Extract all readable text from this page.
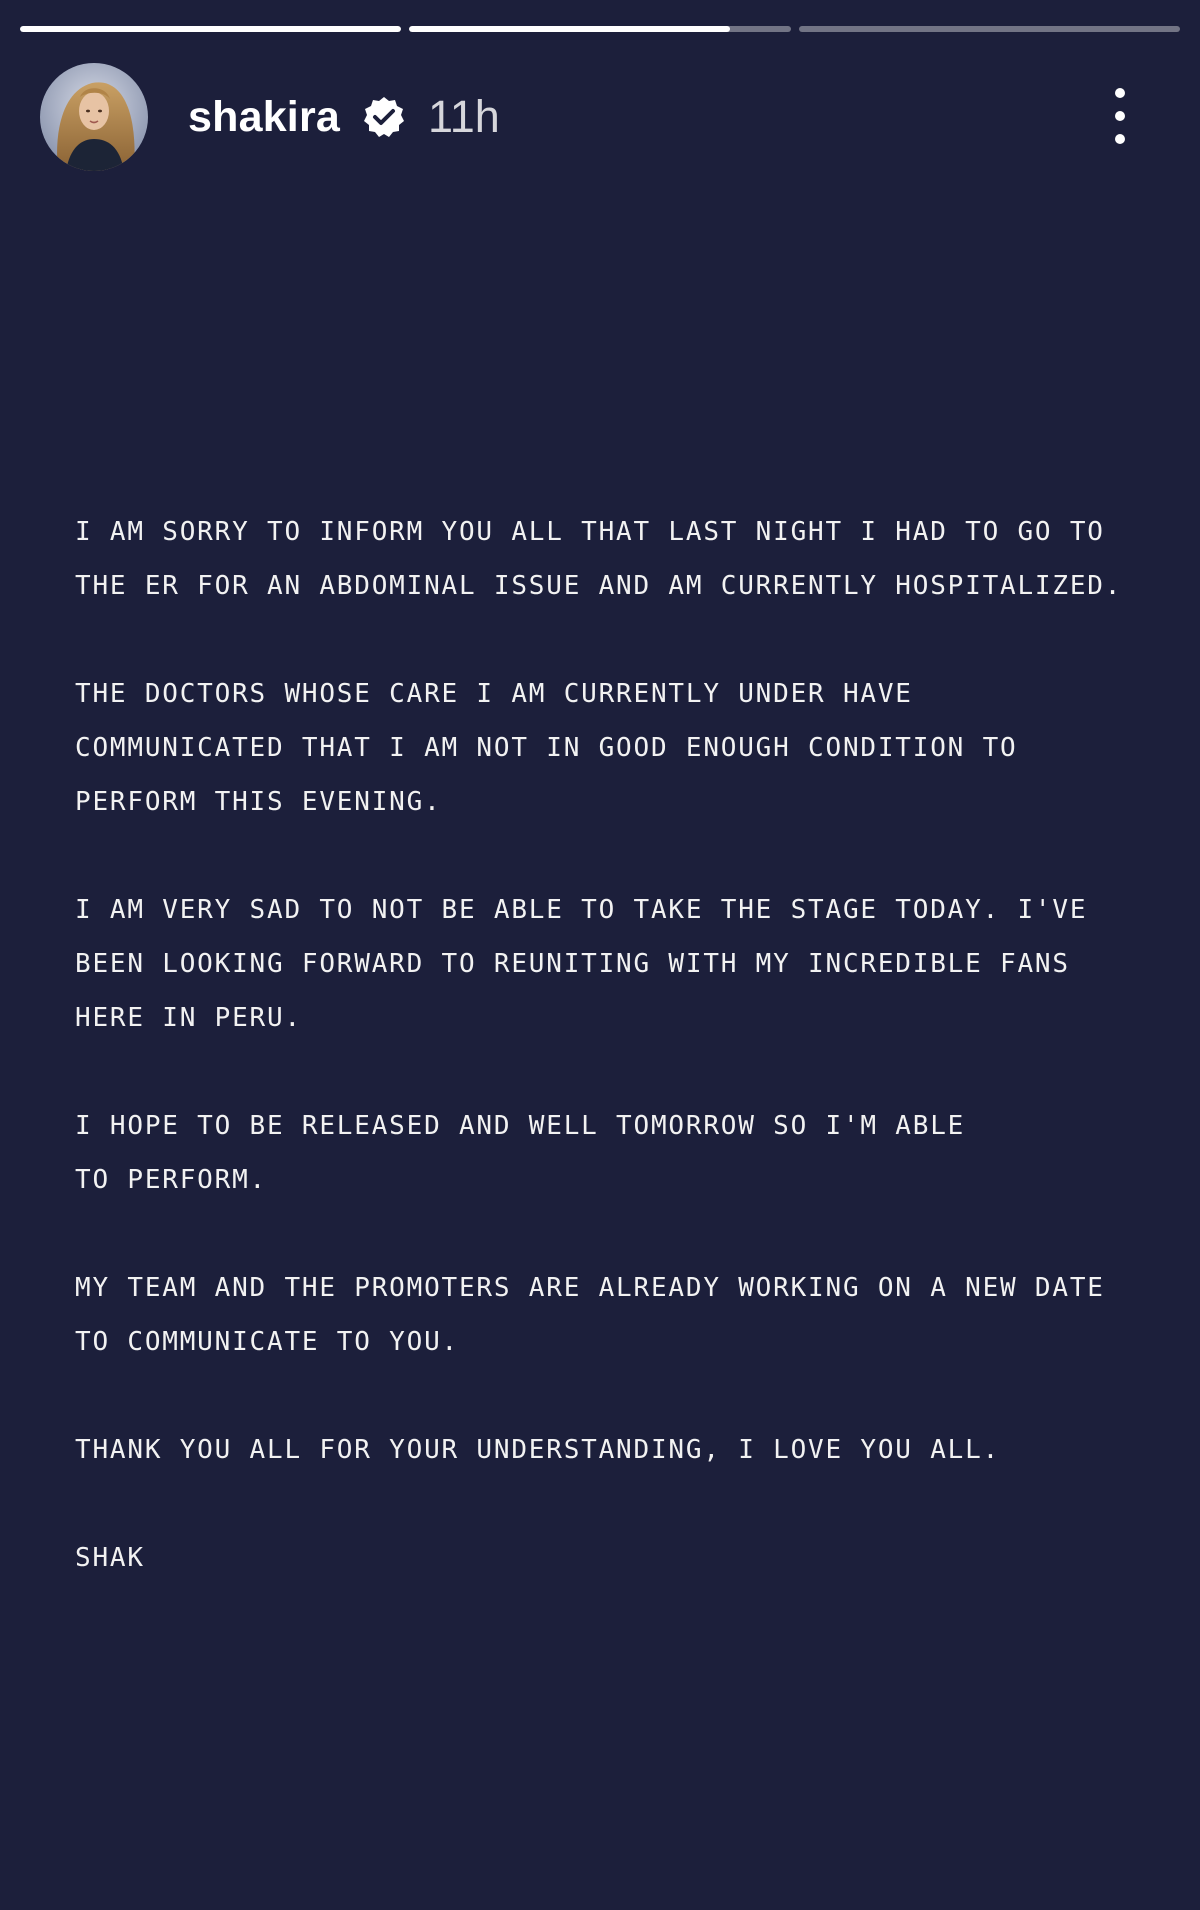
shakira 11h

I AM SORRY TO INFORM YOU ALL THAT LAST NIGHT I HAD TO GO TO
THE ER FOR AN ABDOMINAL ISSUE AND AM CURRENTLY HOSPITALIZED.

THE DOCTORS WHOSE CARE I AM CURRENTLY UNDER HAVE
COMMUNICATED THAT I AM NOT IN GOOD ENOUGH CONDITION TO
PERFORM THIS EVENING.

I AM VERY SAD TO NOT BE ABLE TO TAKE THE STAGE TODAY. I'VE
BEEN LOOKING FORWARD TO REUNITING WITH MY INCREDIBLE FANS
HERE IN PERU.

I HOPE TO BE RELEASED AND WELL TOMORROW SO I'M ABLE
TO PERFORM.

MY TEAM AND THE PROMOTERS ARE ALREADY WORKING ON A NEW DATE
TO COMMUNICATE TO YOU.

THANK YOU ALL FOR YOUR UNDERSTANDING, I LOVE YOU ALL.

SHAK
